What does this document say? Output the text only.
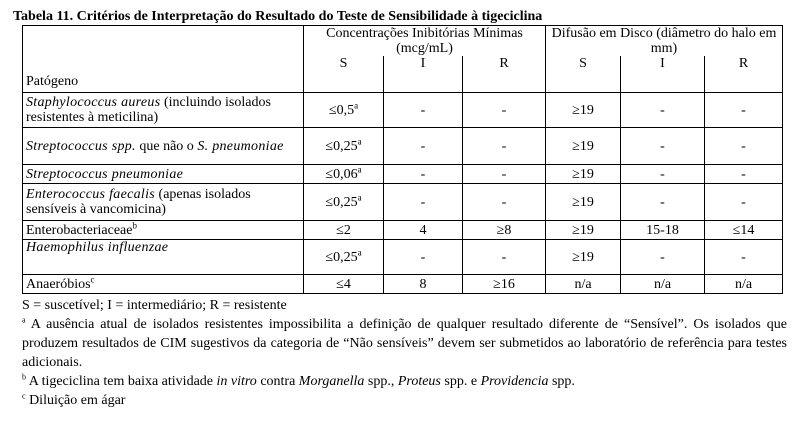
Tabela 11. Critérios de Interpretação do Resultado do Teste de Sensibilidade à tigeciclina
Patógeno	Concentrações Inibitórias Mínimas (mcg/mL)			Difusão em Disco (diâmetro do halo em mm)		
	S	I	R	S	I	R
Staphylococcus aureus (incluindo isolados resistentes à meticilina)	≤0,5$^a$	-	-	≥19	-	-
Streptococcus spp. que não o S. pneumoniae	≤0,25$^a$	-	-	≥19	-	-
Streptococcus pneumoniae	≤0,06$^a$	-	-	≥19	-	-
Enterococcus faecalis (apenas isolados sensíveis à vancomicina)	≤0,25$^a$	-	-	≥19	-	-
Enterobacteriaceae$^b$	≤2	4	≥8	≥19	15-18	≤14
Haemophilus influenzae	≤0,25$^a$	-	-	≥19	-	-
Anaeróbios$^c$	≤4	8	≥16	n/a	n/a	n/a

S = suscetível; I = intermediário; R = resistente

$^a$ A ausência atual de isolados resistentes impossibilita a definição de qualquer resultado diferente de “Sensível”. Os isolados que produzem resultados de CIM sugestivos da categoria de “Não sensíveis” devem ser submetidos ao laboratório de referência para testes adicionais.

$^b$ A tigeciclina tem baixa atividade in vitro contra Morganella spp., Proteus spp. e Providencia spp.

$^c$ Diluição em ágar
